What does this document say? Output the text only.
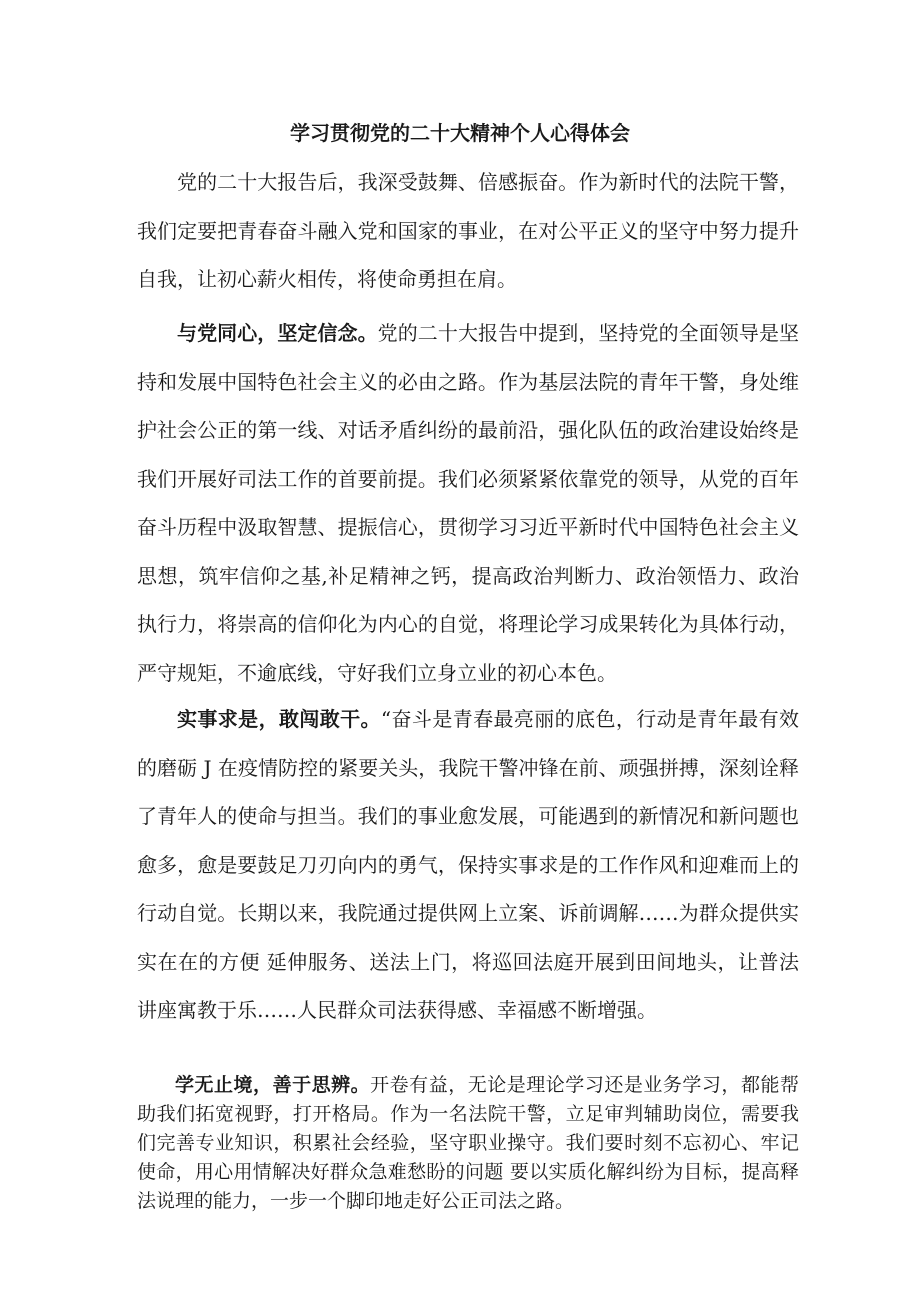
学习贯彻党的二十大精神个人心得体会

党的二十大报告后，我深受鼓舞、倍感振奋。作为新时代的法院干警，我们定要把青春奋斗融入党和国家的事业，在对公平正义的坚守中努力提升自我，让初心薪火相传，将使命勇担在肩。

与党同心，坚定信念。党的二十大报告中提到，坚持党的全面领导是坚持和发展中国特色社会主义的必由之路。作为基层法院的青年干警，身处维护社会公正的第一线、对话矛盾纠纷的最前沿，强化队伍的政治建设始终是我们开展好司法工作的首要前提。我们必须紧紧依靠党的领导，从党的百年奋斗历程中汲取智慧、提振信心，贯彻学习习近平新时代中国特色社会主义思想，筑牢信仰之基,补足精神之钙，提高政治判断力、政治领悟力、政治执行力，将崇高的信仰化为内心的自觉，将理论学习成果转化为具体行动，严守规矩，不逾底线，守好我们立身立业的初心本色。

实事求是，敢闯敢干。“奋斗是青春最亮丽的底色，行动是青年最有效的磨砺 J 在疫情防控的紧要关头，我院干警冲锋在前、顽强拼搏，深刻诠释了青年人的使命与担当。我们的事业愈发展，可能遇到的新情况和新问题也愈多，愈是要鼓足刀刃向内的勇气，保持实事求是的工作作风和迎难而上的行动自觉。长期以来，我院通过提供网上立案、诉前调解……为群众提供实实在在的方便 延伸服务、送法上门，将巡回法庭开展到田间地头，让普法讲座寓教于乐……人民群众司法获得感、幸福感不断增强。

学无止境，善于思辨。开卷有益，无论是理论学习还是业务学习，都能帮助我们拓宽视野，打开格局。作为一名法院干警，立足审判辅助岗位，需要我们完善专业知识，积累社会经验，坚守职业操守。我们要时刻不忘初心、牢记使命，用心用情解决好群众急难愁盼的问题 要以实质化解纠纷为目标，提高释法说理的能力，一步一个脚印地走好公正司法之路。
